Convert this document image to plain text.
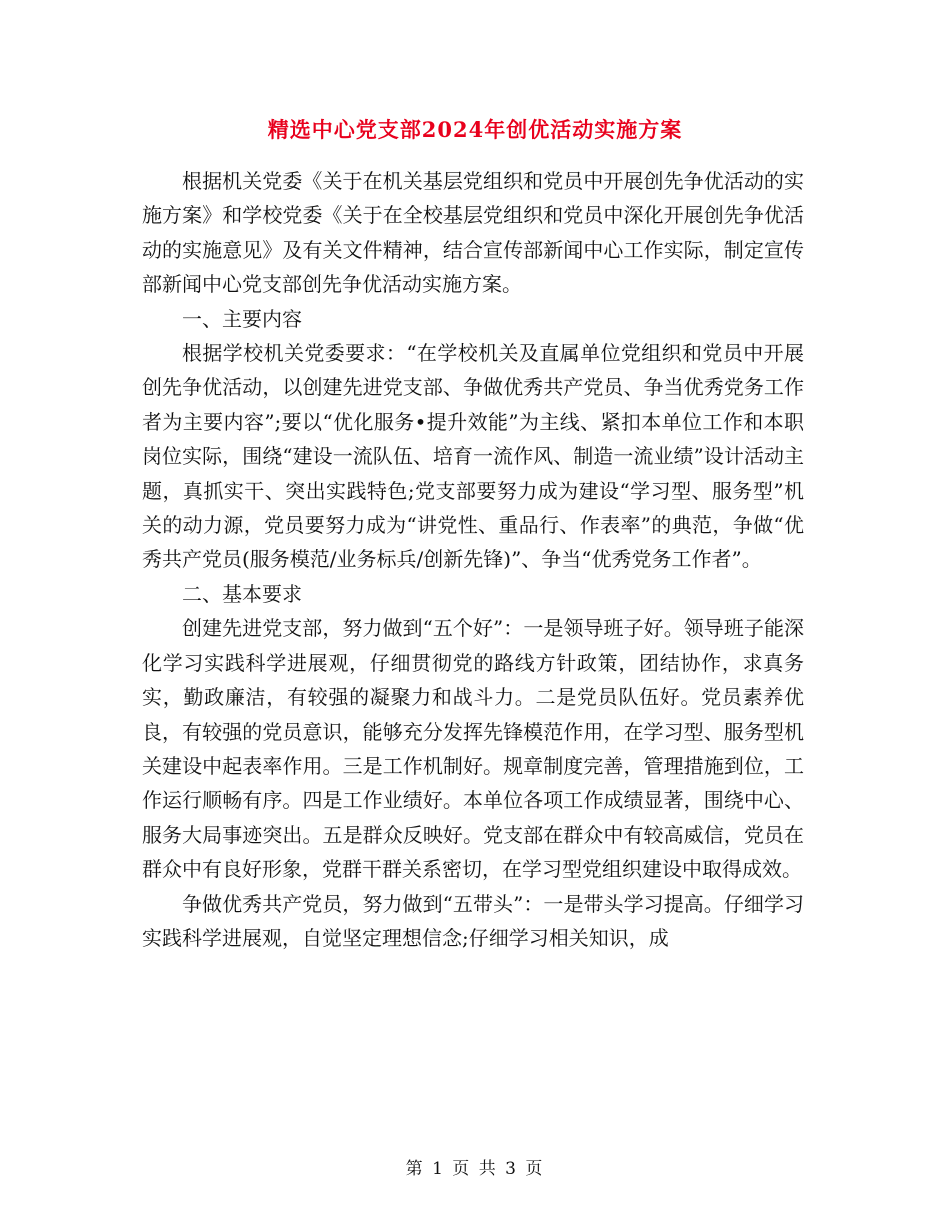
精选中心党支部2024年创优活动实施方案

根据机关党委《关于在机关基层党组织和党员中开展创先争优活动的实施方案》和学校党委《关于在全校基层党组织和党员中深化开展创先争优活动的实施意见》及有关文件精神，结合宣传部新闻中心工作实际，制定宣传部新闻中心党支部创先争优活动实施方案。

一、主要内容

根据学校机关党委要求：“在学校机关及直属单位党组织和党员中开展创先争优活动，以创建先进党支部、争做优秀共产党员、争当优秀党务工作者为主要内容”;要以“优化服务•提升效能”为主线、紧扣本单位工作和本职岗位实际，围绕“建设一流队伍、培育一流作风、制造一流业绩”设计活动主题，真抓实干、突出实践特色;党支部要努力成为建设“学习型、服务型”机关的动力源，党员要努力成为“讲党性、重品行、作表率”的典范，争做“优秀共产党员(服务模范/业务标兵/创新先锋)”、争当“优秀党务工作者”。

二、基本要求

创建先进党支部，努力做到“五个好”：一是领导班子好。领导班子能深化学习实践科学进展观，仔细贯彻党的路线方针政策，团结协作，求真务实，勤政廉洁，有较强的凝聚力和战斗力。二是党员队伍好。党员素养优良，有较强的党员意识，能够充分发挥先锋模范作用，在学习型、服务型机关建设中起表率作用。三是工作机制好。规章制度完善，管理措施到位，工作运行顺畅有序。四是工作业绩好。本单位各项工作成绩显著，围绕中心、服务大局事迹突出。五是群众反映好。党支部在群众中有较高威信，党员在群众中有良好形象，党群干群关系密切，在学习型党组织建设中取得成效。

争做优秀共产党员，努力做到“五带头”：一是带头学习提高。仔细学习实践科学进展观，自觉坚定理想信念;仔细学习相关知识，成

第 1 页 共 3 页
